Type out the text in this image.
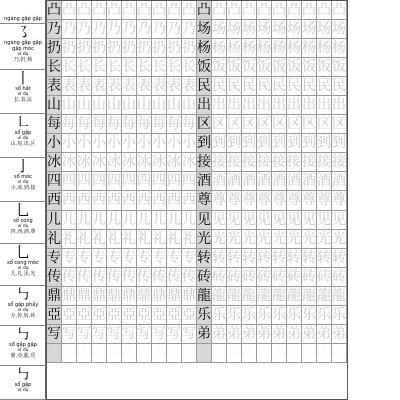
ngang gập gập
㇌
ngang gập gập gập móc
ví dụ
乃,扔,杨
丨
sổ hất
ví dụ
长,表,民
㇗
sổ gập
ví dụ
山,每,出,区
亅
sổ móc
ví dụ
小,冰,到,接
乚
sổ cong
ví dụ
四,西,酒,尊
乚
sổ cong móc
ví dụ
儿,礼,见,光
㇉
sổ gập phẩy
ví dụ
专,传,转,砖
㇉
sổ gập gập
ví dụ
鼎,亞,龍,乐
㇉
sổ gập
ví dụ
凸 凸 凸 凸 凸 凸 凸 凸 凸 凸 凸 凸 凸 凸 凸 凸 凸 凸 凸 凸
乃 乃 乃 乃 乃 乃 乃 乃 乃 乃 场 场 场 场 场 场 场 场 场 场
扔 扔 扔 扔 扔 扔 扔 扔 扔 扔 杨 杨 杨 杨 杨 杨 杨 杨 杨 杨
长 长 长 长 长 长 长 长 长 长 饭 饭 饭 饭 饭 饭 饭 饭 饭 饭
表 表 表 表 表 表 表 表 表 表 民 民 民 民 民 民 民 民 民 民
山 山 山 山 山 山 山 山 山 山 出 出 出 出 出 出 出 出 出 出
每 每 每 每 每 每 每 每 每 每 区 区 区 区 区 区 区 区 区 区
小 小 小 小 小 小 小 小 小 小 到 到 到 到 到 到 到 到 到 到
冰 冰 冰 冰 冰 冰 冰 冰 冰 冰 接 接 接 接 接 接 接 接 接 接
四 四 四 四 四 四 四 四 四 四 酒 酒 酒 酒 酒 酒 酒 酒 酒 酒
西 西 西 西 西 西 西 西 西 西 尊 尊 尊 尊 尊 尊 尊 尊 尊 尊
儿 儿 儿 儿 儿 儿 儿 儿 儿 儿 见 见 见 见 见 见 见 见 见 见
礼 礼 礼 礼 礼 礼 礼 礼 礼 礼 光 光 光 光 光 光 光 光 光 光
专 专 专 专 专 专 专 专 专 专 转 转 转 转 转 转 转 转 转 转
传 传 传 传 传 传 传 传 传 传 砖 砖 砖 砖 砖 砖 砖 砖 砖 砖
鼎 鼎 鼎 鼎 鼎 鼎 鼎 鼎 鼎 鼎 龍 龍 龍 龍 龍 龍 龍 龍 龍 龍
亞 亞 亞 亞 亞 亞 亞 亞 亞 亞 乐 乐 乐 乐 乐 乐 乐 乐 乐 乐
写 写 写 写 写 写 写 写 写 写 弟 弟 弟 弟 弟 弟 弟 弟 弟 弟
